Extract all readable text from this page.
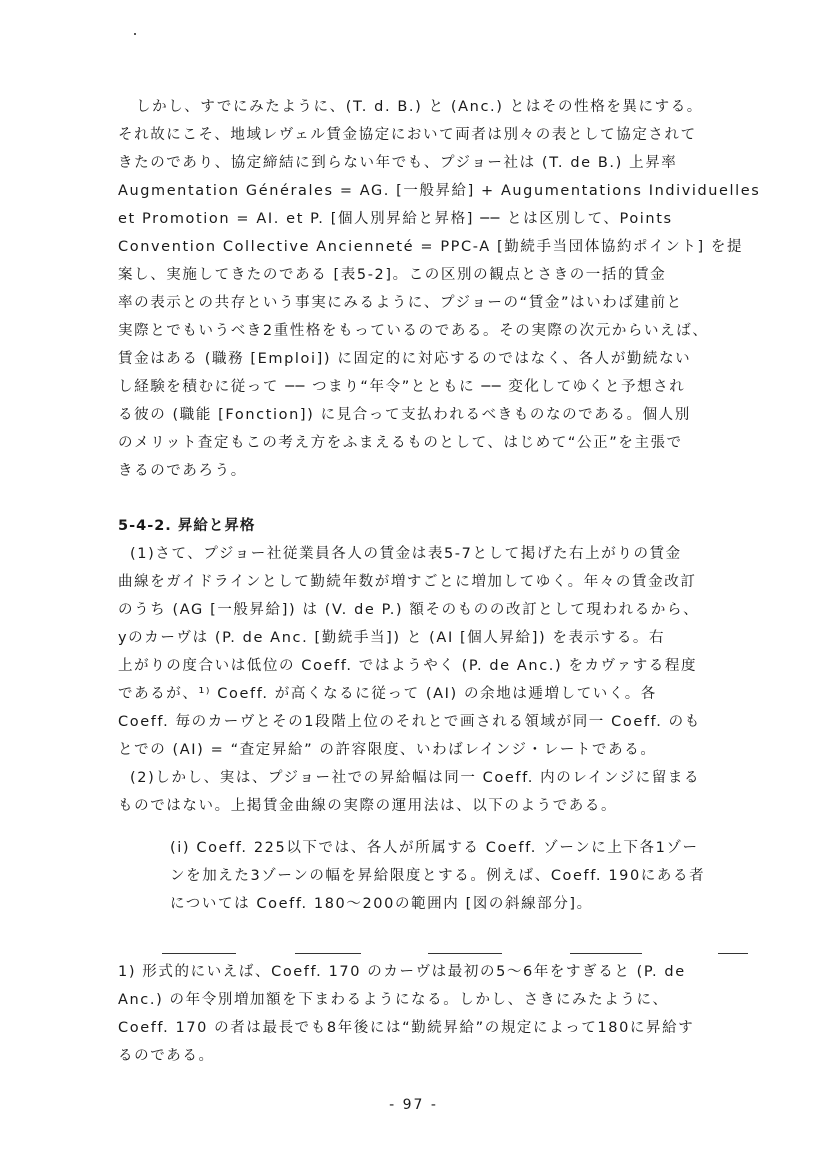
しかし、すでにみたように、(T. d. B.) と (Anc.) とはその性格を異にする。
それ故にこそ、地域レヴェル賃金協定において両者は別々の表として協定されて
きたのであり、協定締結に到らない年でも、プジョー社は (T. de B.) 上昇率
Augmentation Générales = AG. [一般昇給] + Augumentations Individuelles
et Promotion = AI. et P. [個人別昇給と昇格] ── とは区別して、Points
Convention Collective Ancienneté = PPC-A [勤続手当団体協約ポイント] を提
案し、実施してきたのである [表5-2]。この区別の観点とさきの一括的賃金
率の表示との共存という事実にみるように、プジョーの“賃金”はいわば建前と
実際とでもいうべき2重性格をもっているのである。その実際の次元からいえば、
賃金はある (職務 [Emploi]) に固定的に対応するのではなく、各人が勤続ない
し経験を積むに従って ── つまり“年令”とともに ── 変化してゆくと予想され
る彼の (職能 [Fonction]) に見合って支払われるべきものなのである。個人別
のメリット査定もこの考え方をふまえるものとして、はじめて“公正”を主張で
きるのであろう。
5-4-2. 昇給と昇格
(1)さて、プジョー社従業員各人の賃金は表5-7として掲げた右上がりの賃金
曲線をガイドラインとして勤続年数が増すごとに増加してゆく。年々の賃金改訂
のうち (AG [一般昇給]) は (V. de P.) 額そのものの改訂として現われるから、
yのカーヴは (P. de Anc. [勤続手当]) と (AI [個人昇給]) を表示する。右
上がりの度合いは低位の Coeff. ではようやく (P. de Anc.) をカヴァする程度
であるが、¹⁾ Coeff. が高くなるに従って (AI) の余地は逓増していく。各
Coeff. 毎のカーヴとその1段階上位のそれとで画される領域が同一 Coeff. のも
とでの (AI) = “査定昇給” の許容限度、いわばレインジ・レートである。
(2)しかし、実は、プジョー社での昇給幅は同一 Coeff. 内のレインジに留まる
ものではない。上掲賃金曲線の実際の運用法は、以下のようである。
(i) Coeff. 225以下では、各人が所属する Coeff. ゾーンに上下各1ゾー
ンを加えた3ゾーンの幅を昇給限度とする。例えば、Coeff. 190にある者
については Coeff. 180～200の範囲内 [図の斜線部分]。
1) 形式的にいえば、Coeff. 170 のカーヴは最初の5～6年をすぎると (P. de
Anc.) の年令別増加額を下まわるようになる。しかし、さきにみたように、
Coeff. 170 の者は最長でも8年後には“勤続昇給”の規定によって180に昇給す
るのである。
- 97 -
